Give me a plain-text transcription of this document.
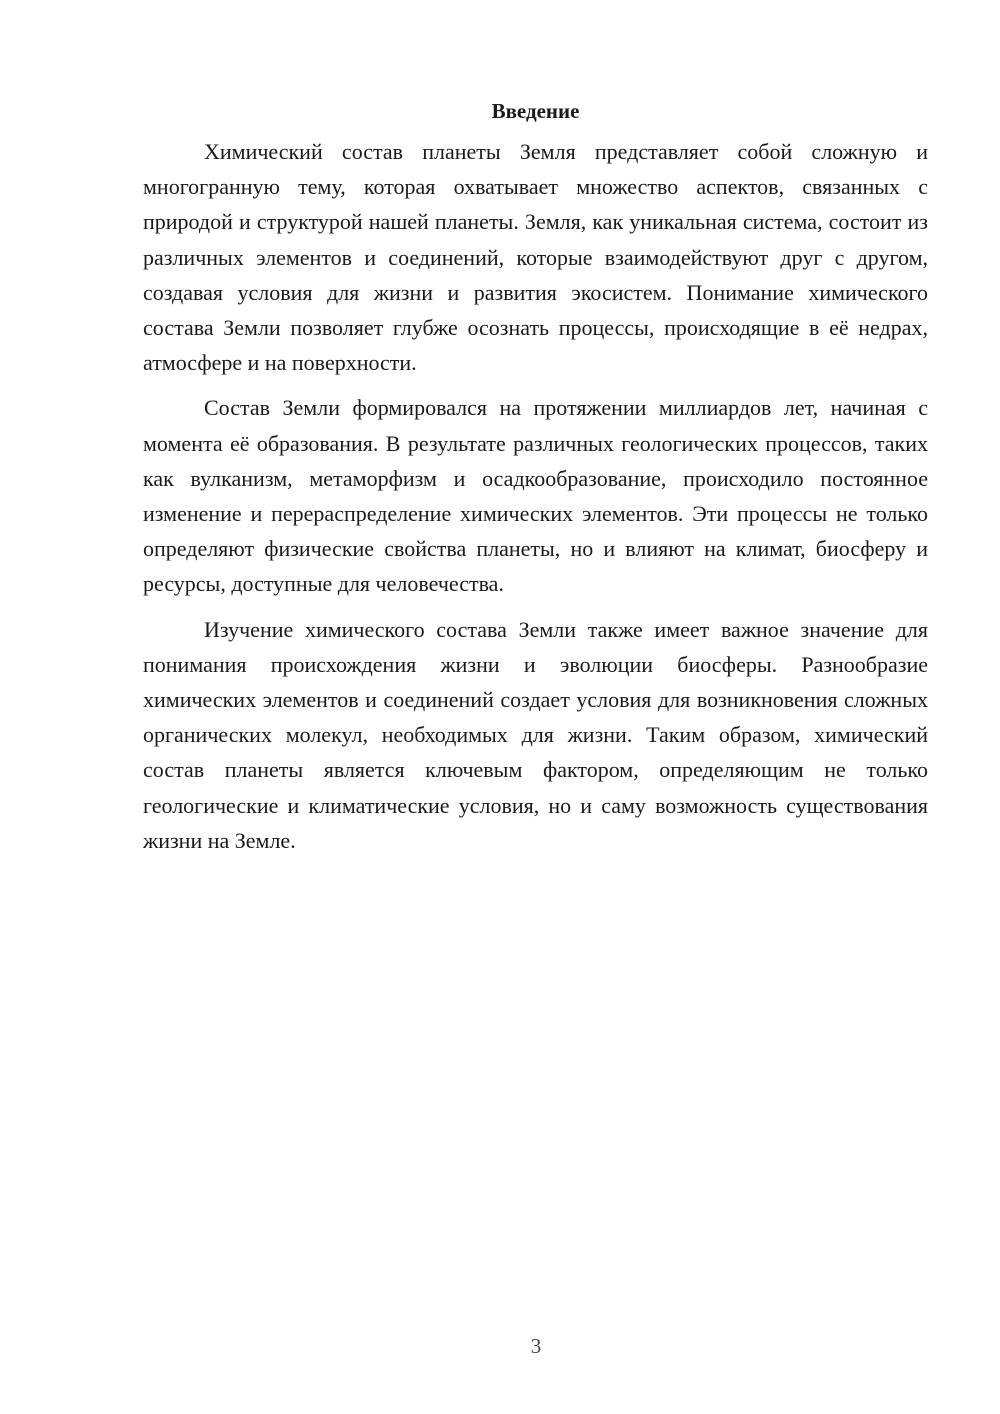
Введение

Химический состав планеты Земля представляет собой сложную и многогранную тему, которая охватывает множество аспектов, связанных с природой и структурой нашей планеты. Земля, как уникальная система, состоит из различных элементов и соединений, которые взаимодействуют друг с другом, создавая условия для жизни и развития экосистем. Понимание химического состава Земли позволяет глубже осознать процессы, происходящие в её недрах, атмосфере и на поверхности.

Состав Земли формировался на протяжении миллиардов лет, начиная с момента её образования. В результате различных геологических процессов, таких как вулканизм, метаморфизм и осадкообразование, происходило постоянное изменение и перераспределение химических элементов. Эти процессы не только определяют физические свойства планеты, но и влияют на климат, биосферу и ресурсы, доступные для человечества.

Изучение химического состава Земли также имеет важное значение для понимания происхождения жизни и эволюции биосферы. Разнообразие химических элементов и соединений создает условия для возникновения сложных органических молекул, необходимых для жизни. Таким образом, химический состав планеты является ключевым фактором, определяющим не только геологические и климатические условия, но и саму возможность существования жизни на Земле.

3
